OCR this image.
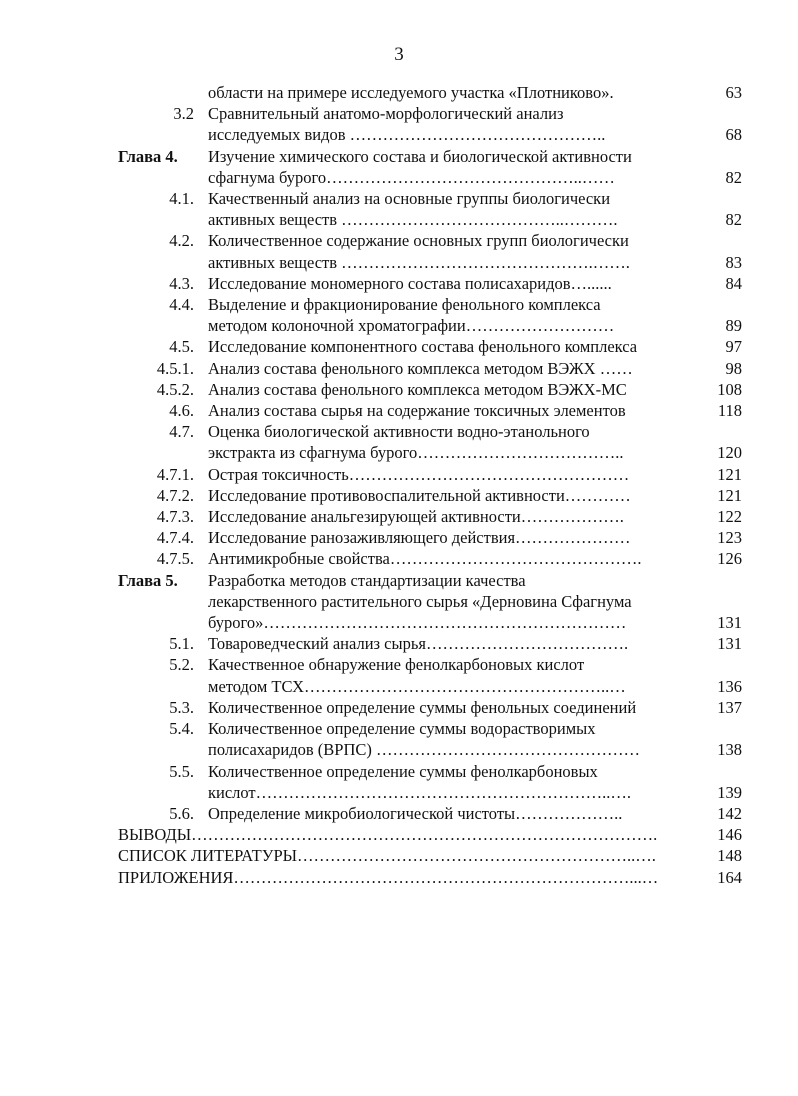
3
области на примере исследуемого участка «Плотниково».	63
3.2 Сравнительный анатомо-морфологический анализ
исследуемых видов ………………………………………..	68
Глава 4.	Изучение химического состава и биологической активности
сфагнума бурого………………………………………..……	82
4.1. Качественный анализ на основные группы биологически
активных веществ …………………………………..……….	82
4.2. Количественное содержание основных групп биологически
активных веществ ……………………………………….…….	83
4.3. Исследование мономерного состава полисахаридов…......	84
4.4. Выделение и фракционирование фенольного комплекса
методом колоночной хроматографии………………………	89
4.5. Исследование компонентного состава фенольного комплекса	97
4.5.1. Анализ состава фенольного комплекса методом ВЭЖХ ……	98
4.5.2. Анализ состава фенольного комплекса методом ВЭЖХ-МС	108
4.6. Анализ состава сырья на содержание токсичных элементов	118
4.7. Оценка биологической активности водно-этанольного
экстракта из сфагнума бурого………………………………..	120
4.7.1. Острая токсичность……………………………………………	121
4.7.2. Исследование противовоспалительной активности…………	121
4.7.3. Исследование анальгезирующей активности……………….	122
4.7.4. Исследование ранозаживляющего действия…………………	123
4.7.5. Антимикробные свойства……………………………………….	126
Глава 5.	Разработка методов стандартизации качества
лекарственного растительного сырья «Дерновина Сфагнума
бурого»…………………………………………………………	131
5.1. Товароведческий анализ сырья……………………………….	131
5.2. Качественное обнаружение фенолкарбоновых кислот
методом ТСХ………………………………………………..…	136
5.3. Количественное определение суммы фенольных соединений	137
5.4. Количественное определение суммы водорастворимых
полисахаридов (ВРПС) …………………………………………	138
5.5. Количественное определение суммы фенолкарбоновых
кислот………………………………………………………..….	139
5.6. Определение микробиологической чистоты………………..	142
ВЫВОДЫ………………………………………………………………………….	146
СПИСОК ЛИТЕРАТУРЫ……………………………………………………..….	148
ПРИЛОЖЕНИЯ………………………………………………………………...…	164
